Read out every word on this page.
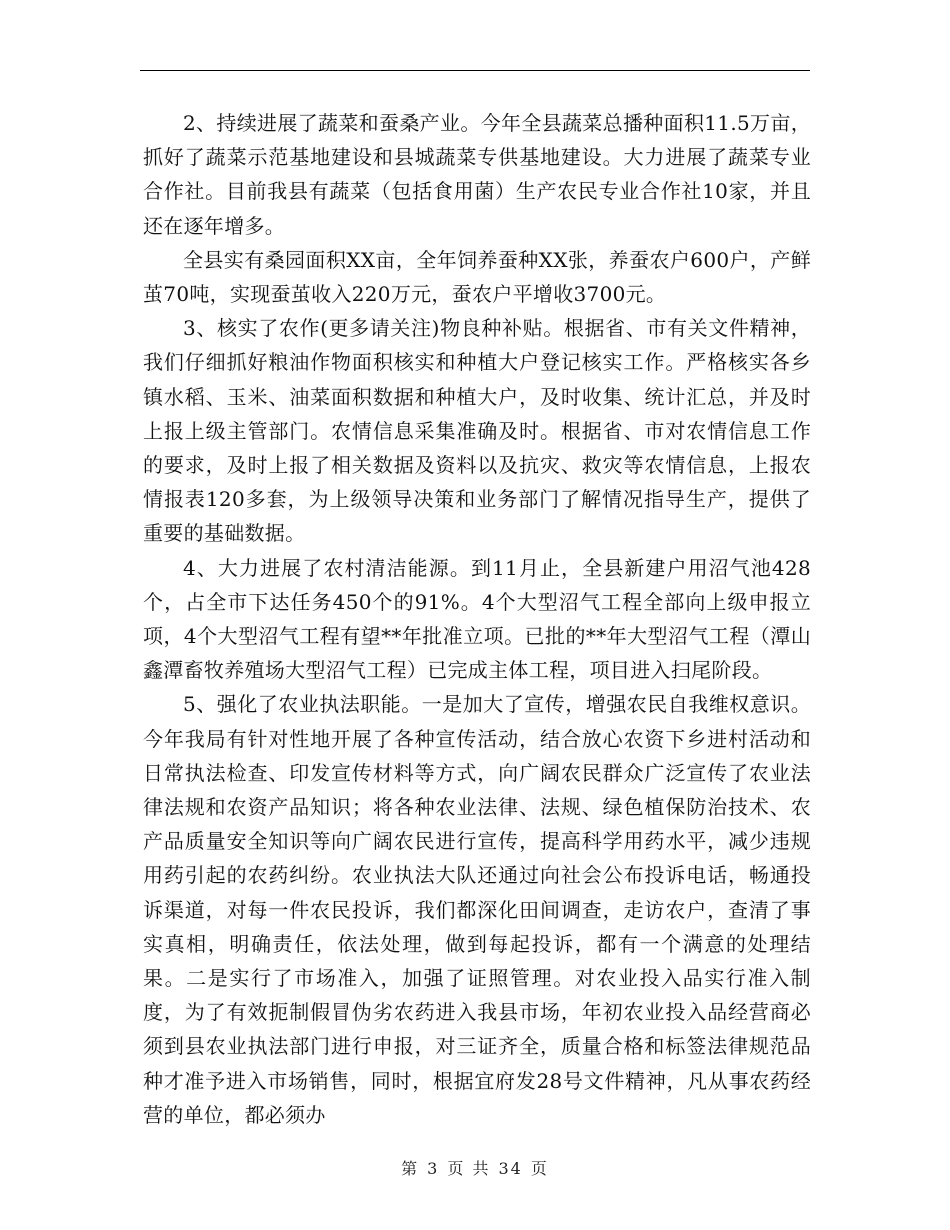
2、持续进展了蔬菜和蚕桑产业。今年全县蔬菜总播种面积11.5万亩，抓好了蔬菜示范基地建设和县城蔬菜专供基地建设。大力进展了蔬菜专业合作社。目前我县有蔬菜（包括食用菌）生产农民专业合作社10家，并且还在逐年增多。

全县实有桑园面积XX亩，全年饲养蚕种XX张，养蚕农户600户，产鲜茧70吨，实现蚕茧收入220万元，蚕农户平增收3700元。

3、核实了农作(更多请关注)物良种补贴。根据省、市有关文件精神，我们仔细抓好粮油作物面积核实和种植大户登记核实工作。严格核实各乡镇水稻、玉米、油菜面积数据和种植大户，及时收集、统计汇总，并及时上报上级主管部门。农情信息采集准确及时。根据省、市对农情信息工作的要求，及时上报了相关数据及资料以及抗灾、救灾等农情信息，上报农情报表120多套，为上级领导决策和业务部门了解情况指导生产，提供了重要的基础数据。

4、大力进展了农村清洁能源。到11月止，全县新建户用沼气池428个，占全市下达任务450个的91%。4个大型沼气工程全部向上级申报立项，4个大型沼气工程有望**年批准立项。已批的**年大型沼气工程（潭山鑫潭畜牧养殖场大型沼气工程）已完成主体工程，项目进入扫尾阶段。

5、强化了农业执法职能。一是加大了宣传，增强农民自我维权意识。今年我局有针对性地开展了各种宣传活动，结合放心农资下乡进村活动和日常执法检查、印发宣传材料等方式，向广阔农民群众广泛宣传了农业法律法规和农资产品知识；将各种农业法律、法规、绿色植保防治技术、农产品质量安全知识等向广阔农民进行宣传，提高科学用药水平，减少违规用药引起的农药纠纷。农业执法大队还通过向社会公布投诉电话，畅通投诉渠道，对每一件农民投诉，我们都深化田间调查，走访农户，查清了事实真相，明确责任，依法处理，做到每起投诉，都有一个满意的处理结果。二是实行了市场准入，加强了证照管理。对农业投入品实行准入制度，为了有效扼制假冒伪劣农药进入我县市场，年初农业投入品经营商必须到县农业执法部门进行申报，对三证齐全，质量合格和标签法律规范品种才准予进入市场销售，同时，根据宜府发28号文件精神，凡从事农药经营的单位，都必须办

第 3 页 共 34 页
